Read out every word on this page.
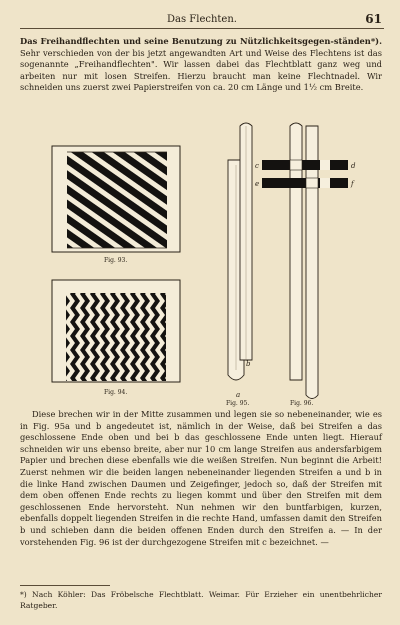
Das Flechten.	61
Das Freihandflechten und seine Benutzung zu Nützlichkeitsgegen-ständen*). Sehr verschieden von der bis jetzt angewandten Art und Weise des Flechtens ist das sogenannte „Freihandflechten". Wir lassen dabei das Flechtblatt ganz weg und arbeiten nur mit losen Streifen. Hierzu braucht man keine Flechtnadel. Wir schneiden uns zuerst zwei Papierstreifen von ca. 20 cm Länge und 1½ cm Breite.
Fig. 93.
Fig. 94.	a
b
Fig. 95.
c	d
e	f
Fig. 96.
Diese brechen wir in der Mitte zusammen und legen sie so nebeneinander, wie es in Fig. 95a und b angedeutet ist, nämlich in der Weise, daß bei Streifen a das geschlossene Ende oben und bei b das geschlossene Ende unten liegt. Hierauf schneiden wir uns ebenso breite, aber nur 10 cm lange Streifen aus andersfarbigem Papier und brechen diese ebenfalls wie die weißen Streifen. Nun beginnt die Arbeit! Zuerst nehmen wir die beiden langen nebeneinander liegenden Streifen a und b in die linke Hand zwischen Daumen und Zeigefinger, jedoch so, daß der Streifen mit dem oben offenen Ende rechts zu liegen kommt und über den Streifen mit dem geschlossenen Ende hervorsteht. Nun nehmen wir den buntfarbigen, kurzen, ebenfalls doppelt liegenden Streifen in die rechte Hand, umfassen damit den Streifen b und schieben dann die beiden offenen Enden durch den Streifen a. — In der vorstehenden Fig. 96 ist der durchgezogene Streifen mit c bezeichnet. —
*) Nach Köhler: Das Fröbelsche Flechtblatt. Weimar. Für Erzieher ein unentbehrlicher Ratgeber.
